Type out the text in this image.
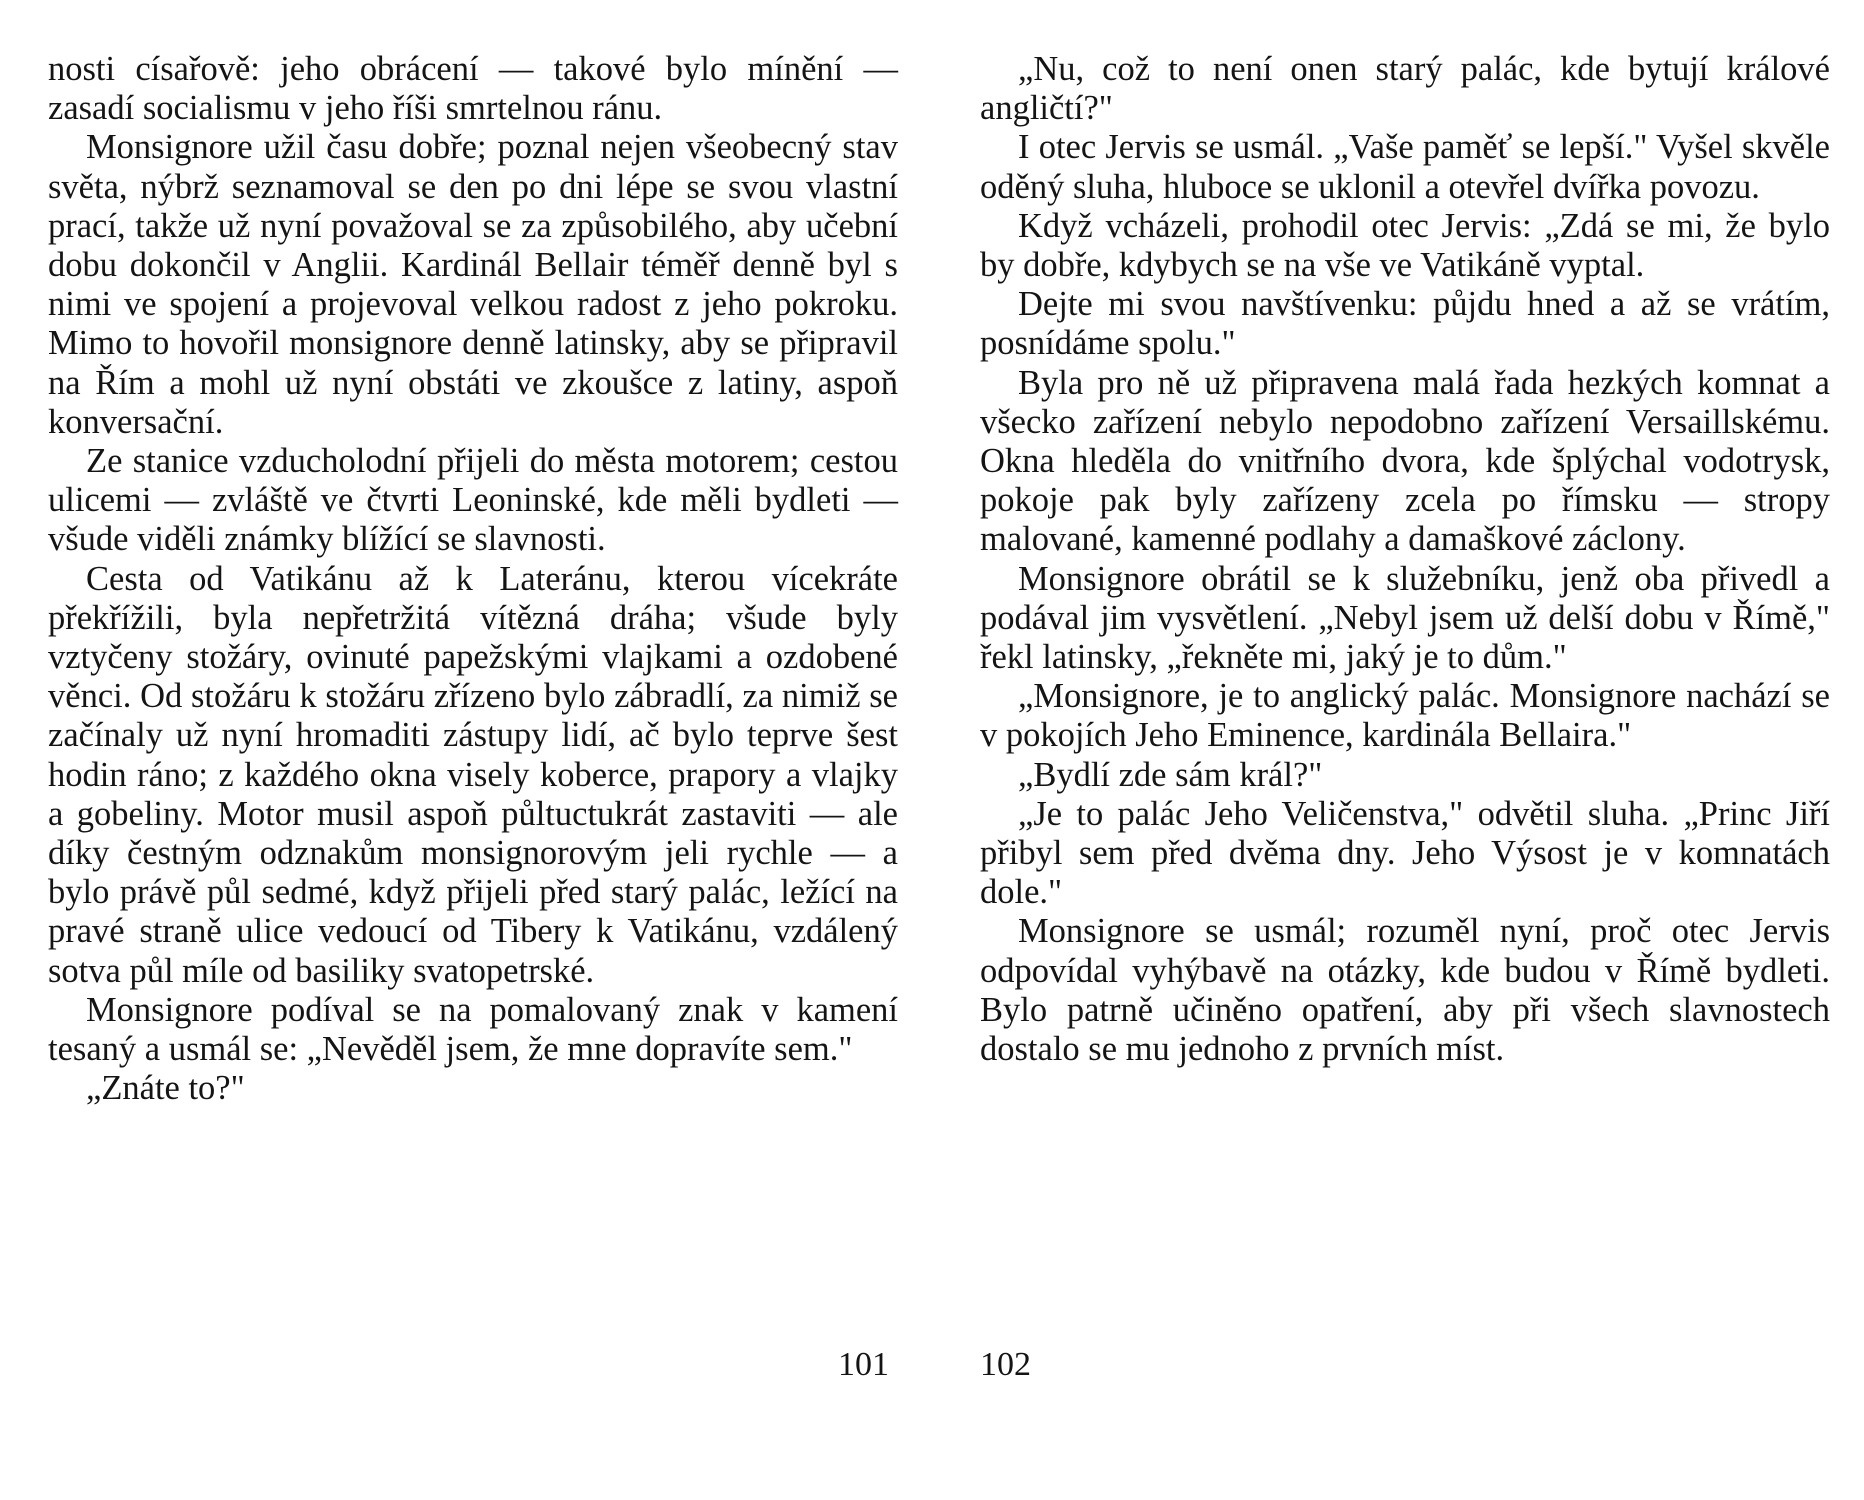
nosti císařově: jeho obrácení — takové bylo mínění — zasadí socialismu v jeho říši smrtelnou ránu.

Monsignore užil času dobře; poznal nejen všeobecný stav světa, nýbrž seznamoval se den po dni lépe se svou vlastní prací, takže už nyní považoval se za způsobilého, aby učební dobu dokončil v Anglii. Kardinál Bellair téměř denně byl s nimi ve spojení a projevoval velkou radost z jeho pokroku. Mimo to hovořil monsignore denně latinsky, aby se připravil na Řím a mohl už nyní obstáti ve zkoušce z latiny, aspoň konversační.

Ze stanice vzducholodní přijeli do města motorem; cestou ulicemi — zvláště ve čtvrti Leoninské, kde měli bydleti — všude viděli známky blížící se slavnosti.

Cesta od Vatikánu až k Lateránu, kterou vícekráte překřížili, byla nepřetržitá vítězná dráha; všude byly vztyčeny stožáry, ovinuté papežskými vlajkami a ozdobené věnci. Od stožáru k stožáru zřízeno bylo zábradlí, za nimiž se začínaly už nyní hromaditi zástupy lidí, ač bylo teprve šest hodin ráno; z každého okna visely koberce, prapory a vlajky a gobeliny. Motor musil aspoň půltuctukrát zastaviti — ale díky čestným odznakům monsignorovým jeli rychle — a bylo právě půl sedmé, když přijeli před starý palác, ležící na pravé straně ulice vedoucí od Tibery k Vatikánu, vzdálený sotva půl míle od basiliky svatopetrské.

Monsignore podíval se na pomalovaný znak v kamení tesaný a usmál se: „Nevěděl jsem, že mne dopravíte sem."

„Znáte to?"

„Nu, což to není onen starý palác, kde bytují králové angličtí?"

I otec Jervis se usmál. „Vaše paměť se lepší." Vyšel skvěle oděný sluha, hluboce se uklonil a otevřel dvířka povozu.

Když vcházeli, prohodil otec Jervis: „Zdá se mi, že bylo by dobře, kdybych se na vše ve Vatikáně vyptal.

Dejte mi svou navštívenku: půjdu hned a až se vrátím, posnídáme spolu."

Byla pro ně už připravena malá řada hezkých komnat a všecko zařízení nebylo nepodobno zařízení Versaillskému. Okna hleděla do vnitřního dvora, kde šplýchal vodotrysk, pokoje pak byly zařízeny zcela po římsku — stropy malované, kamenné podlahy a damaškové záclony.

Monsignore obrátil se k služebníku, jenž oba přivedl a podával jim vysvětlení. „Nebyl jsem už delší dobu v Římě," řekl latinsky, „řekněte mi, jaký je to dům."

„Monsignore, je to anglický palác. Monsignore nachází se v pokojích Jeho Eminence, kardinála Bellaira."

„Bydlí zde sám král?"

„Je to palác Jeho Veličenstva," odvětil sluha. „Princ Jiří přibyl sem před dvěma dny. Jeho Výsost je v komnatách dole."

Monsignore se usmál; rozuměl nyní, proč otec Jervis odpovídal vyhýbavě na otázky, kde budou v Římě bydleti. Bylo patrně učiněno opatření, aby při všech slavnostech dostalo se mu jednoho z prvních míst.

101	102
